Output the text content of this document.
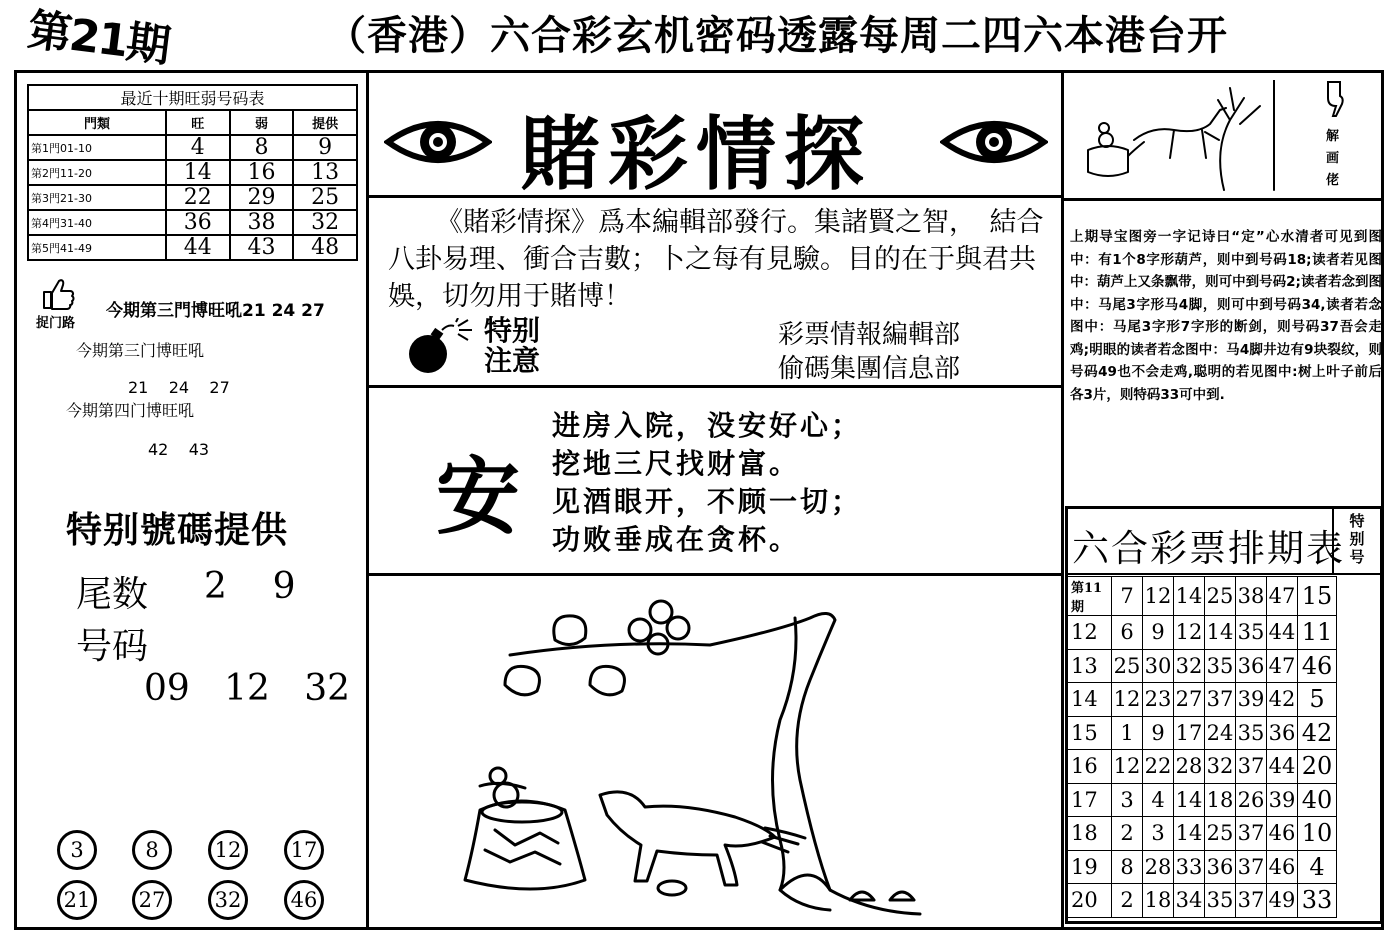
第21期	（香港）六合彩玄机密码透露每周二四六本港台开
最近十期旺弱号码表			
門類	旺	弱	提供
第1門01-10	4	8	9
第2門11-20	14	16	13
第3門21-30	22	29	25
第4門31-40	36	38	32
第5門41-49	44	43	48
捉门路
今期第三門博旺吼21 24 27
今期第三门博旺吼
21    24    27
今期第四门博旺吼
42    43
特别號碼提供
尾数 2    9
号码
09   12   32
3	8	12	17
21	27	32	46
賭彩情探
《賭彩情探》爲本編輯部發行。集諸賢之智，　結合八卦易理、衝合吉數；卜之每有見驗。目的在于與君共娛，切勿用于賭博！
特别
注意
彩票情報編輯部
偷碼集團信息部
安
进房入院，没安好心；
挖地三尺找财富。
见酒眼开，不顾一切；
功败垂成在贪杯。
解
画
佬
上期导宝图旁一字记诗曰“定”心水清者可见到图中：有1个8字形葫芦，则中到号码18;读者若见图中：葫芦上又条飘带，则可中到号码2;读者若念到图中：马尾3字形马4脚，则可中到号码34,读者若念图中：马尾3字形7字形的断剑，则号码37吾会走鸡;明眼的读者若念图中：马4脚井边有9块裂纹，则号码49也不会走鸡,聪明的若见图中:树上叶子前后各3片，则特码33可中到.
六合彩票排期表
特别号
第11期	7	12	14	25	38	47	15
12	6	9	12	14	35	44	11
13	25	30	32	35	36	47	46
14	12	23	27	37	39	42	5
15	1	9	17	24	35	36	42
16	12	22	28	32	37	44	20
17	3	4	14	18	26	39	40
18	2	3	14	25	37	46	10
19	8	28	33	36	37	46	4
20	2	18	34	35	37	49	33
